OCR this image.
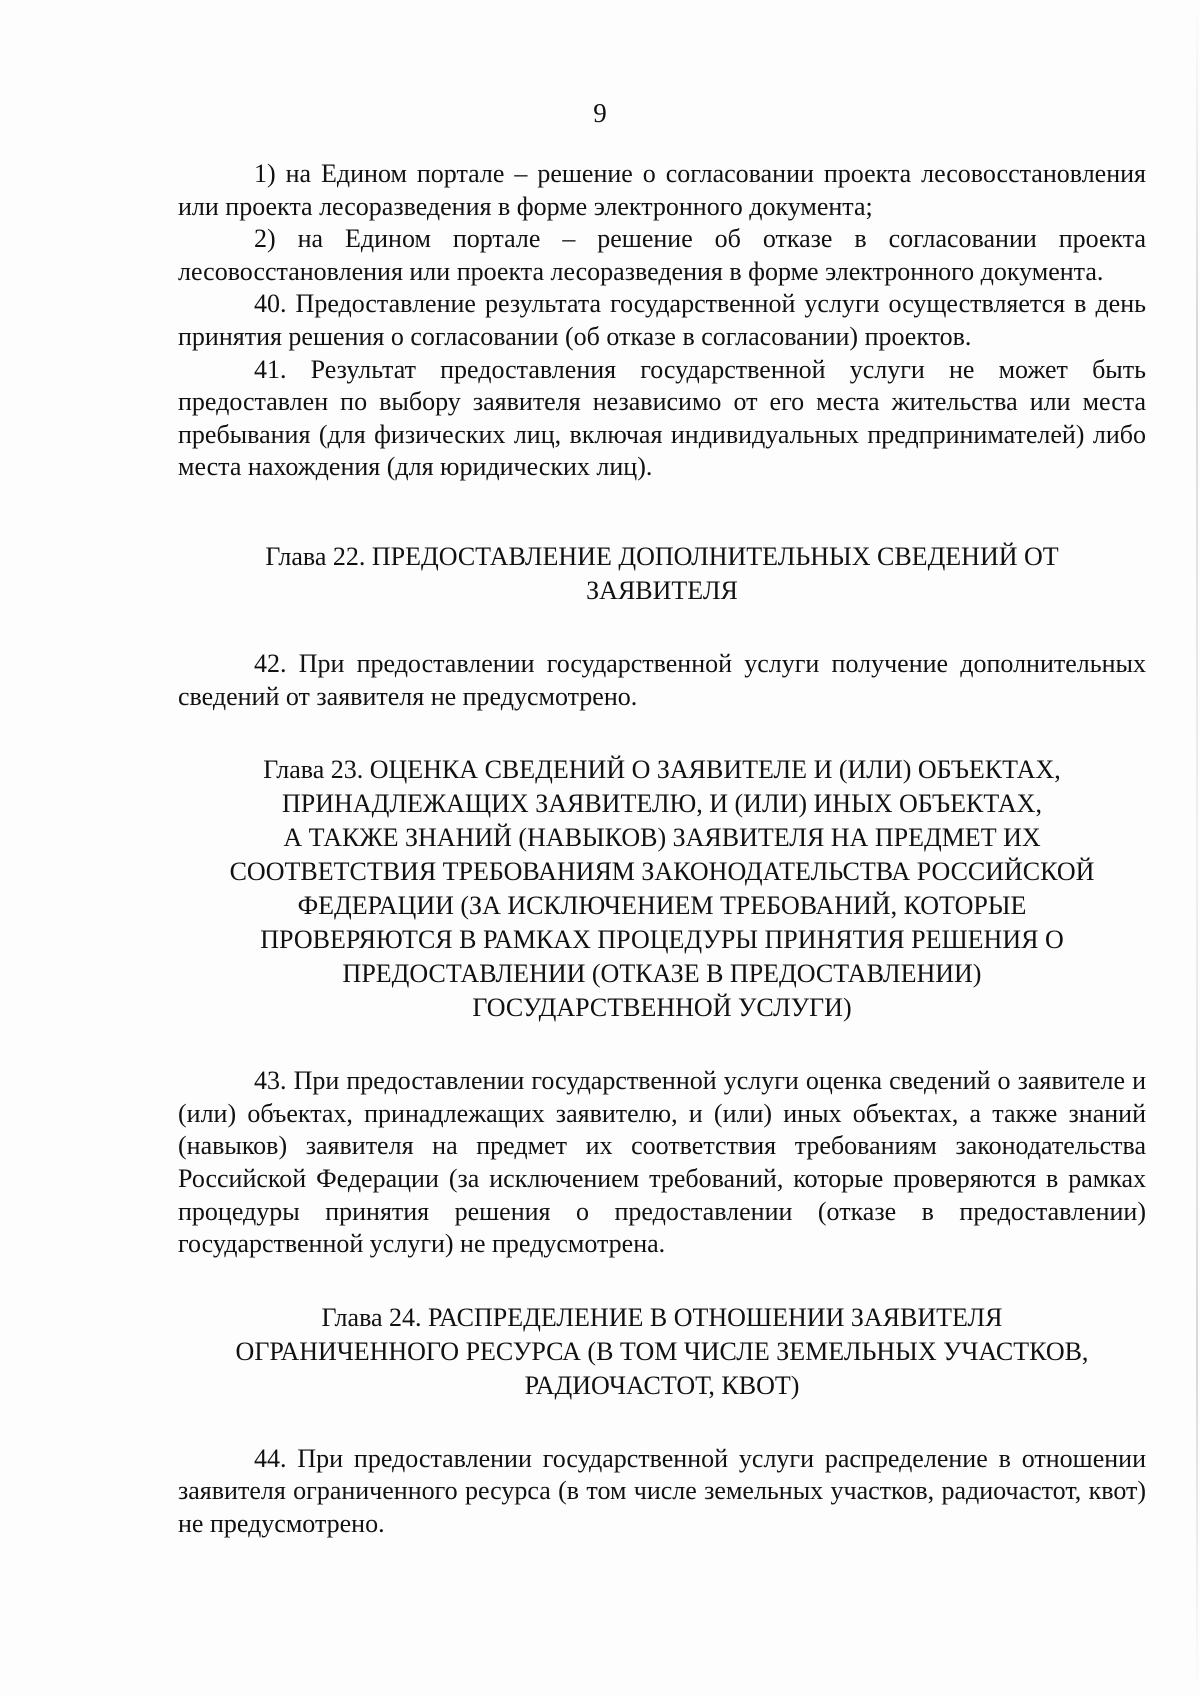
9

1) на Едином портале – решение о согласовании проекта лесовосстановления или проекта лесоразведения в форме электронного документа;

2) на Едином портале – решение об отказе в согласовании проекта лесовосстановления или проекта лесоразведения в форме электронного документа.

40. Предоставление результата государственной услуги осуществляется в день принятия решения о согласовании (об отказе в согласовании) проектов.

41. Результат предоставления государственной услуги не может быть предоставлен по выбору заявителя независимо от его места жительства или места пребывания (для физических лиц, включая индивидуальных предпринимателей) либо места нахождения (для юридических лиц).

Глава 22. ПРЕДОСТАВЛЕНИЕ ДОПОЛНИТЕЛЬНЫХ СВЕДЕНИЙ ОТ
ЗАЯВИТЕЛЯ

42. При предоставлении государственной услуги получение дополнительных сведений от заявителя не предусмотрено.

Глава 23. ОЦЕНКА СВЕДЕНИЙ О ЗАЯВИТЕЛЕ И (ИЛИ) ОБЪЕКТАХ,
ПРИНАДЛЕЖАЩИХ ЗАЯВИТЕЛЮ, И (ИЛИ) ИНЫХ ОБЪЕКТАХ,
А ТАКЖЕ ЗНАНИЙ (НАВЫКОВ) ЗАЯВИТЕЛЯ НА ПРЕДМЕТ ИХ
СООТВЕТСТВИЯ ТРЕБОВАНИЯМ ЗАКОНОДАТЕЛЬСТВА РОССИЙСКОЙ
ФЕДЕРАЦИИ (ЗА ИСКЛЮЧЕНИЕМ ТРЕБОВАНИЙ, КОТОРЫЕ
ПРОВЕРЯЮТСЯ В РАМКАХ ПРОЦЕДУРЫ ПРИНЯТИЯ РЕШЕНИЯ О
ПРЕДОСТАВЛЕНИИ (ОТКАЗЕ В ПРЕДОСТАВЛЕНИИ)
ГОСУДАРСТВЕННОЙ УСЛУГИ)

43. При предоставлении государственной услуги оценка сведений о заявителе и (или) объектах, принадлежащих заявителю, и (или) иных объектах, а также знаний (навыков) заявителя на предмет их соответствия требованиям законодательства Российской Федерации (за исключением требований, которые проверяются в рамках процедуры принятия решения о предоставлении (отказе в предоставлении) государственной услуги) не предусмотрена.

Глава 24. РАСПРЕДЕЛЕНИЕ В ОТНОШЕНИИ ЗАЯВИТЕЛЯ
ОГРАНИЧЕННОГО РЕСУРСА (В ТОМ ЧИСЛЕ ЗЕМЕЛЬНЫХ УЧАСТКОВ,
РАДИОЧАСТОТ, КВОТ)

44. При предоставлении государственной услуги распределение в отношении заявителя ограниченного ресурса (в том числе земельных участков, радиочастот, квот) не предусмотрено.
